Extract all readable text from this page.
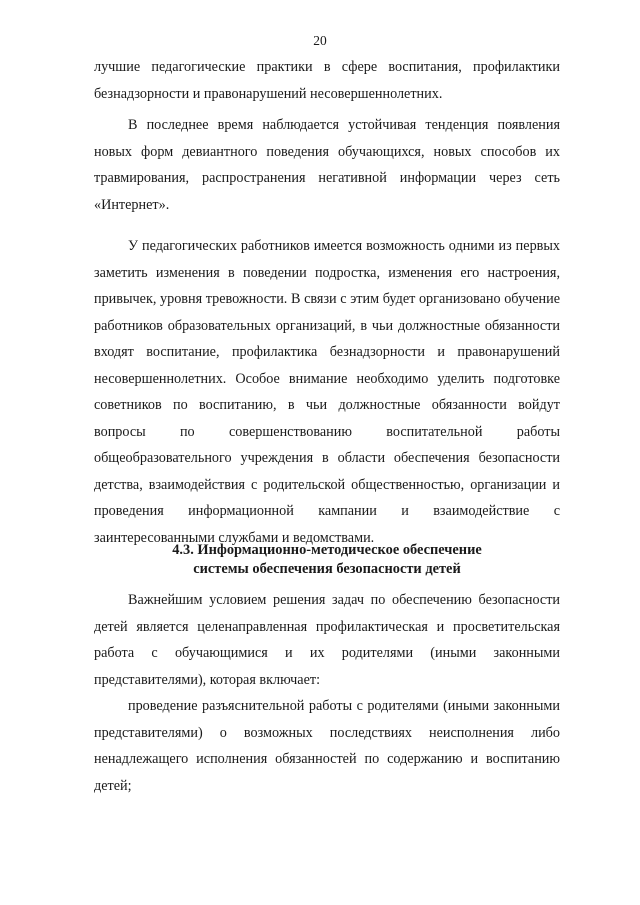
20

лучшие педагогические практики в сфере воспитания, профилактики безнадзорности и правонарушений несовершеннолетних.

В последнее время наблюдается устойчивая тенденция появления новых форм девиантного поведения обучающихся, новых способов их травмирования, распространения негативной информации через сеть «Интернет».

У педагогических работников имеется возможность одними из первых заметить изменения в поведении подростка, изменения его настроения, привычек, уровня тревожности. В связи с этим будет организовано обучение работников образовательных организаций, в чьи должностные обязанности входят воспитание, профилактика безнадзорности и правонарушений несовершеннолетних. Особое внимание необходимо уделить подготовке советников по воспитанию, в чьи должностные обязанности войдут вопросы по совершенствованию воспитательной работы общеобразовательного учреждения в области обеспечения безопасности детства, взаимодействия с родительской общественностью, организации и проведения информационной кампании и взаимодействие с заинтересованными службами и ведомствами.

4.3. Информационно-методическое обеспечение
системы обеспечения безопасности детей

Важнейшим условием решения задач по обеспечению безопасности детей является целенаправленная профилактическая и просветительская работа с обучающимися и их родителями (иными законными представителями), которая включает:

проведение разъяснительной работы с родителями (иными законными представителями) о возможных последствиях неисполнения либо ненадлежащего исполнения обязанностей по содержанию и воспитанию детей;
